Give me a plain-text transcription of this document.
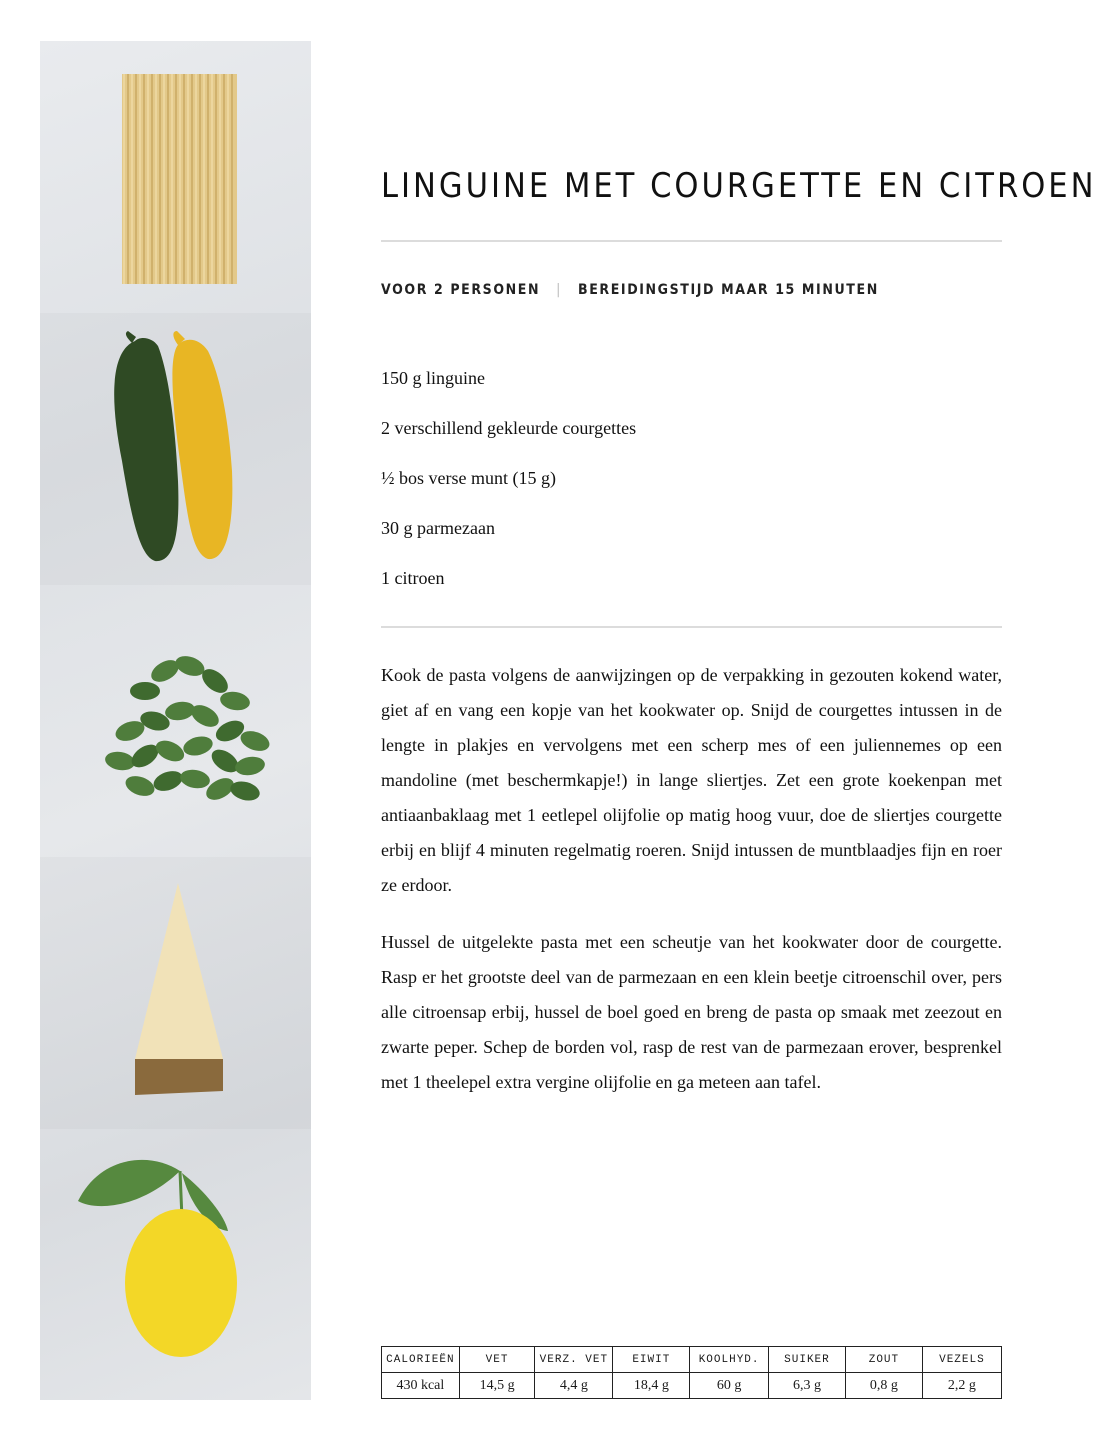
LINGUINE MET COURGETTE EN CITROEN
VOOR 2 PERSONEN | BEREIDINGSTIJD MAAR 15 MINUTEN
150 g linguine
2 verschillend gekleurde courgettes
½ bos verse munt (15 g)
30 g parmezaan
1 citroen

Kook de pasta volgens de aanwijzingen op de verpakking in gezouten kokend water, giet af en vang een kopje van het kookwater op. Snijd de courgettes intussen in de lengte in plakjes en vervolgens met een scherp mes of een juliennemes op een mandoline (met beschermkapje!) in lange sliertjes. Zet een grote koekenpan met antiaanbaklaag met 1 eetlepel olijfolie op matig hoog vuur, doe de sliertjes courgette erbij en blijf 4 minuten regelmatig roeren. Snijd intussen de muntblaadjes fijn en roer ze erdoor.

Hussel de uitgelekte pasta met een scheutje van het kookwater door de courgette. Rasp er het grootste deel van de parmezaan en een klein beetje citroenschil over, pers alle citroensap erbij, hussel de boel goed en breng de pasta op smaak met zeezout en zwarte peper. Schep de borden vol, rasp de rest van de parmezaan erover, besprenkel met 1 theelepel extra vergine olijfolie en ga meteen aan tafel.

CALORIEËN	VET	VERZ. VET	EIWIT	KOOLHYD.	SUIKER	ZOUT	VEZELS
430 kcal	14,5 g	4,4 g	18,4 g	60 g	6,3 g	0,8 g	2,2 g
